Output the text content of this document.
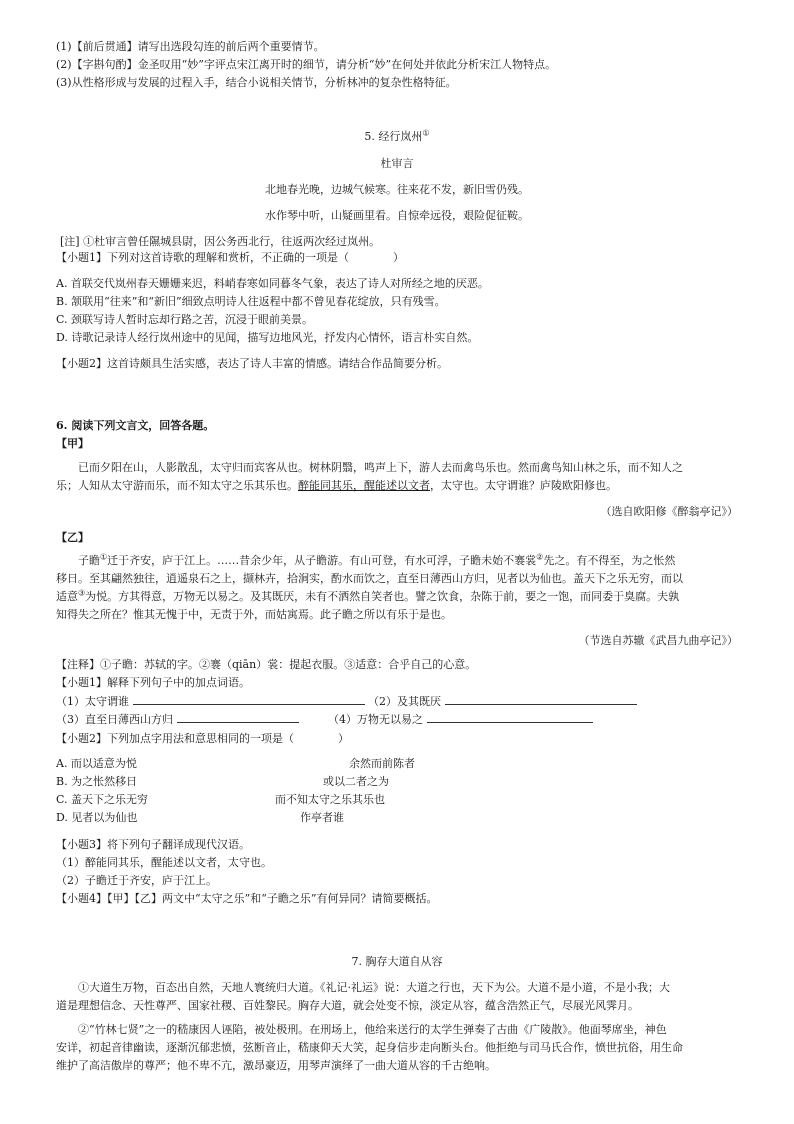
(1)【前后贯通】请写出选段勾连的前后两个重要情节。
(2)【字斟句酌】金圣叹用“妙”字评点宋江离开时的细节，请分析“妙”在何处并依此分析宋江人物特点。
(3)从性格形成与发展的过程入手，结合小说相关情节，分析林冲的复杂性格特征。
5. 经行岚州①
杜审言
北地春光晚，边城气候寒。往来花不发，新旧雪仍残。
水作琴中听，山疑画里看。自惊牵远役，艰险促征鞍。
[注] ①杜审言曾任隰城县尉，因公务西北行，往返两次经过岚州。
【小题1】下列对这首诗歌的理解和赏析，不正确的一项是（　　　　）
A. 首联交代岚州春天姗姗来迟，料峭春寒如同暮冬气象，表达了诗人对所经之地的厌恶。
B. 颔联用“往来”和“新旧”细致点明诗人往返程中都不曾见春花绽放，只有残雪。
C. 颈联写诗人暂时忘却行路之苦，沉浸于眼前美景。
D. 诗歌记录诗人经行岚州途中的见闻，描写边地风光，抒发内心情怀，语言朴实自然。
【小题2】这首诗颇具生活实感，表达了诗人丰富的情感。请结合作品简要分析。
6. 阅读下列文言文，回答各题。
【甲】
已而夕阳在山，人影散乱，太守归而宾客从也。树林阴翳，鸣声上下，游人去而禽鸟乐也。然而禽鸟知山林之乐，而不知人之
乐；人知从太守游而乐，而不知太守之乐其乐也。醉能同其乐，醒能述以文者，太守也。太守谓谁？庐陵欧阳修也。
（选自欧阳修《醉翁亭记》）
【乙】
子瞻①迁于齐安，庐于江上。……昔余少年，从子瞻游。有山可登，有水可浮，子瞻未始不褰裳②先之。有不得至，为之怅然
移日。至其翩然独往，逍遥泉石之上，撷林卉，拾涧实，酌水而饮之，直至日薄西山方归，见者以为仙也。盖天下之乐无穷，而以
适意③为悦。方其得意，万物无以易之。及其既厌，未有不洒然自笑者也。譬之饮食，杂陈于前，要之一饱，而同委于臭腐。夫孰
知得失之所在？惟其无愧于中，无责于外，而姑寓焉。此子瞻之所以有乐于是也。
（节选自苏辙《武昌九曲亭记》）
【注释】①子瞻：苏轼的字。②褰（qiān）裳：提起衣服。③适意：合乎自己的心意。
【小题1】解释下列句子中的加点词语。
（1）太守谓谁	（2）及其既厌
（3）直至日薄西山方归	（4）万物无以易之
【小题2】下列加点字用法和意思相同的一项是（　　　　）
A. 而以适意为悦	余然而前陈者
B. 为之怅然移日	或以二者之为
C. 盖天下之乐无穷	而不知太守之乐其乐也
D. 见者以为仙也	作亭者谁
【小题3】将下列句子翻译成现代汉语。
（1）醉能同其乐，醒能述以文者，太守也。
（2）子瞻迁于齐安，庐于江上。
【小题4】【甲】【乙】两文中“太守之乐”和“子瞻之乐”有何异同？请简要概括。
7. 胸存大道自从容
①大道生万物，百态出自然，天地人寰统归大道。《礼记·礼运》说：大道之行也，天下为公。大道不是小道，不是小我；大
道是理想信念、天性尊严、国家社稷、百姓黎民。胸存大道，就会处变不惊，淡定从容，蕴含浩然正气，尽展光风霁月。
②“竹林七贤”之一的嵇康因人诬陷，被处极刑。在刑场上，他给来送行的太学生弹奏了古曲《广陵散》。他面琴席坐，神色
安详，初起音律幽读，逐渐沉郁悲愤，弦断音止，嵇康仰天大笑，起身信步走向断头台。他拒绝与司马氏合作，愤世抗俗，用生命
维护了高洁傲岸的尊严；他不卑不亢，激昂豪迈，用琴声演绎了一曲大道从容的千古绝响。
